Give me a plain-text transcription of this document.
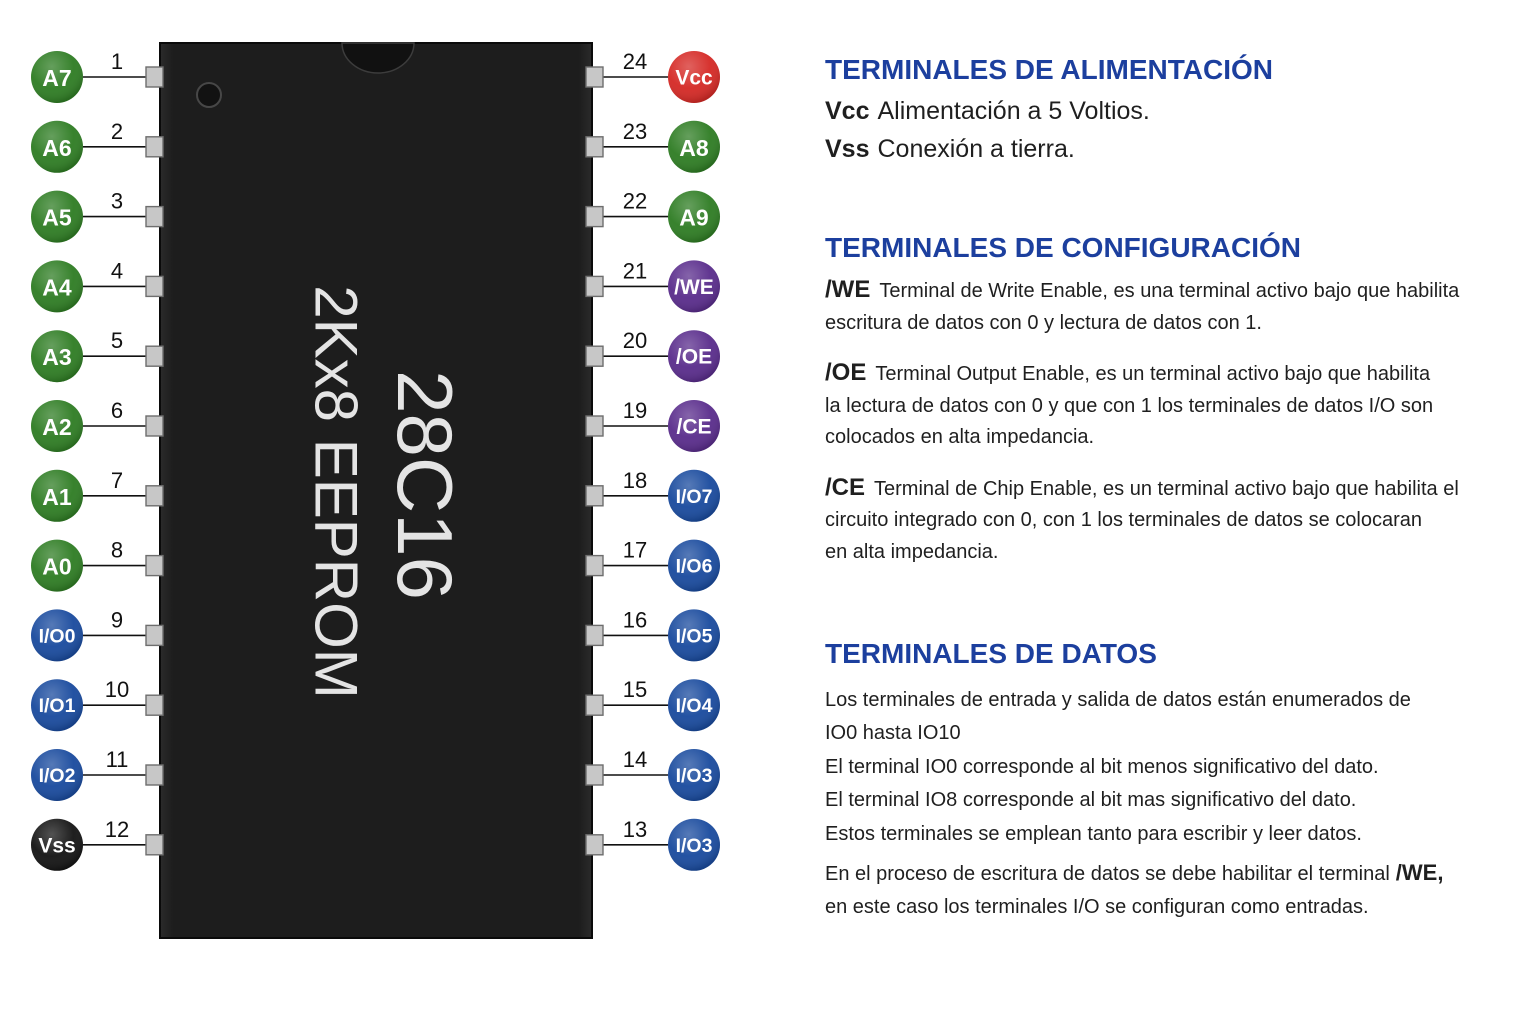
28C16
2Kx8 EEPROM
1
A7
2
A6
3
A5
4
A4
5
A3
6
A2
7
A1
8
A0
9
I/O0
10
I/O1
11
I/O2
12
Vss
24
Vcc
23
A8
22
A9
21
/WE
20
/OE
19
/CE
18
I/O7
17
I/O6
16
I/O5
15
I/O4
14
I/O3
13
I/O3
TERMINALES DE ALIMENTACIÓN
Vcc Alimentación a 5 Voltios.
Vss Conexión a tierra.
TERMINALES DE CONFIGURACIÓN
/WE Terminal de Write Enable, es una terminal activo bajo que habilita
escritura de datos con 0 y lectura de datos con 1.
/OE Terminal Output Enable, es un terminal activo bajo que habilita
la lectura de datos con 0 y que con 1 los terminales de datos I/O son
colocados en alta impedancia.
/CE Terminal de Chip Enable, es un terminal activo bajo que habilita el
circuito integrado con 0, con 1 los terminales de datos se colocaran
en alta impedancia.
TERMINALES DE DATOS
Los terminales de entrada y salida de datos están enumerados de
IO0 hasta IO10
El terminal IO0 corresponde al bit menos significativo del dato.
El terminal IO8 corresponde al bit mas significativo del dato.
Estos terminales se emplean tanto para escribir y leer datos.
En el proceso de escritura de datos se debe habilitar el terminal /WE,
en este caso los terminales I/O se configuran como entradas.
